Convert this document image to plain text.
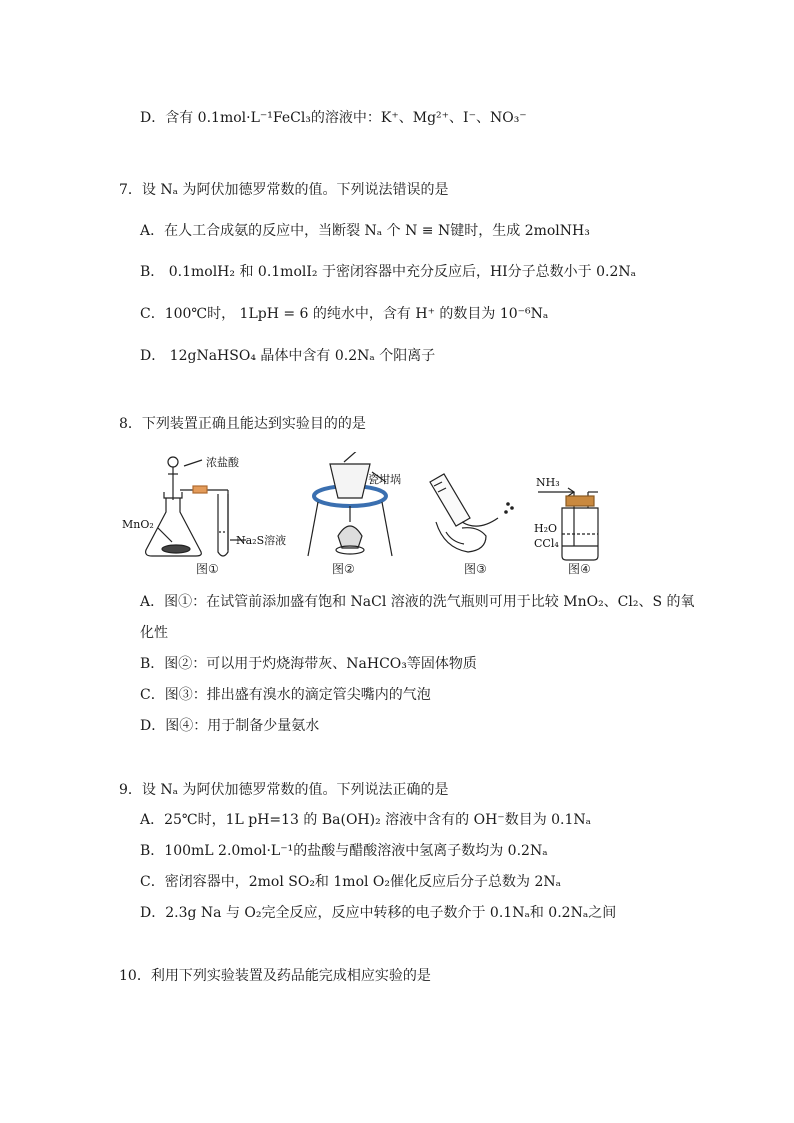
D．含有 0.1mol·L⁻¹FeCl₃的溶液中：K⁺、Mg²⁺、I⁻、NO₃⁻
7．设 Nₐ 为阿伏加德罗常数的值。下列说法错误的是
A．在人工合成氨的反应中，当断裂 Nₐ 个 N ≡ N键时，生成 2molNH₃
B． 0.1molH₂ 和 0.1molI₂ 于密闭容器中充分反应后，HI分子总数小于 0.2Nₐ
C．100℃时， 1LpH = 6 的纯水中，含有 H⁺ 的数目为 10⁻⁶Nₐ
D． 12gNaHSO₄ 晶体中含有 0.2Nₐ 个阳离子
8．下列装置正确且能达到实验目的的是
浓盐酸
MnO₂
Na₂S溶液
图①
瓷坩埚
图②	图③
NH₃
H₂O
CCl₄
图④
A．图①：在试管前添加盛有饱和 NaCl 溶液的洗气瓶则可用于比较 MnO₂、Cl₂、S 的氧
化性
B．图②：可以用于灼烧海带灰、NaHCO₃等固体物质
C．图③：排出盛有溴水的滴定管尖嘴内的气泡
D．图④：用于制备少量氨水
9．设 Nₐ 为阿伏加德罗常数的值。下列说法正确的是
A．25℃时，1L pH=13 的 Ba(OH)₂ 溶液中含有的 OH⁻数目为 0.1Nₐ
B．100mL 2.0mol·L⁻¹的盐酸与醋酸溶液中氢离子数均为 0.2Nₐ
C．密闭容器中，2mol SO₂和 1mol O₂催化反应后分子总数为 2Nₐ
D．2.3g Na 与 O₂完全反应，反应中转移的电子数介于 0.1Nₐ和 0.2Nₐ之间
10．利用下列实验装置及药品能完成相应实验的是
